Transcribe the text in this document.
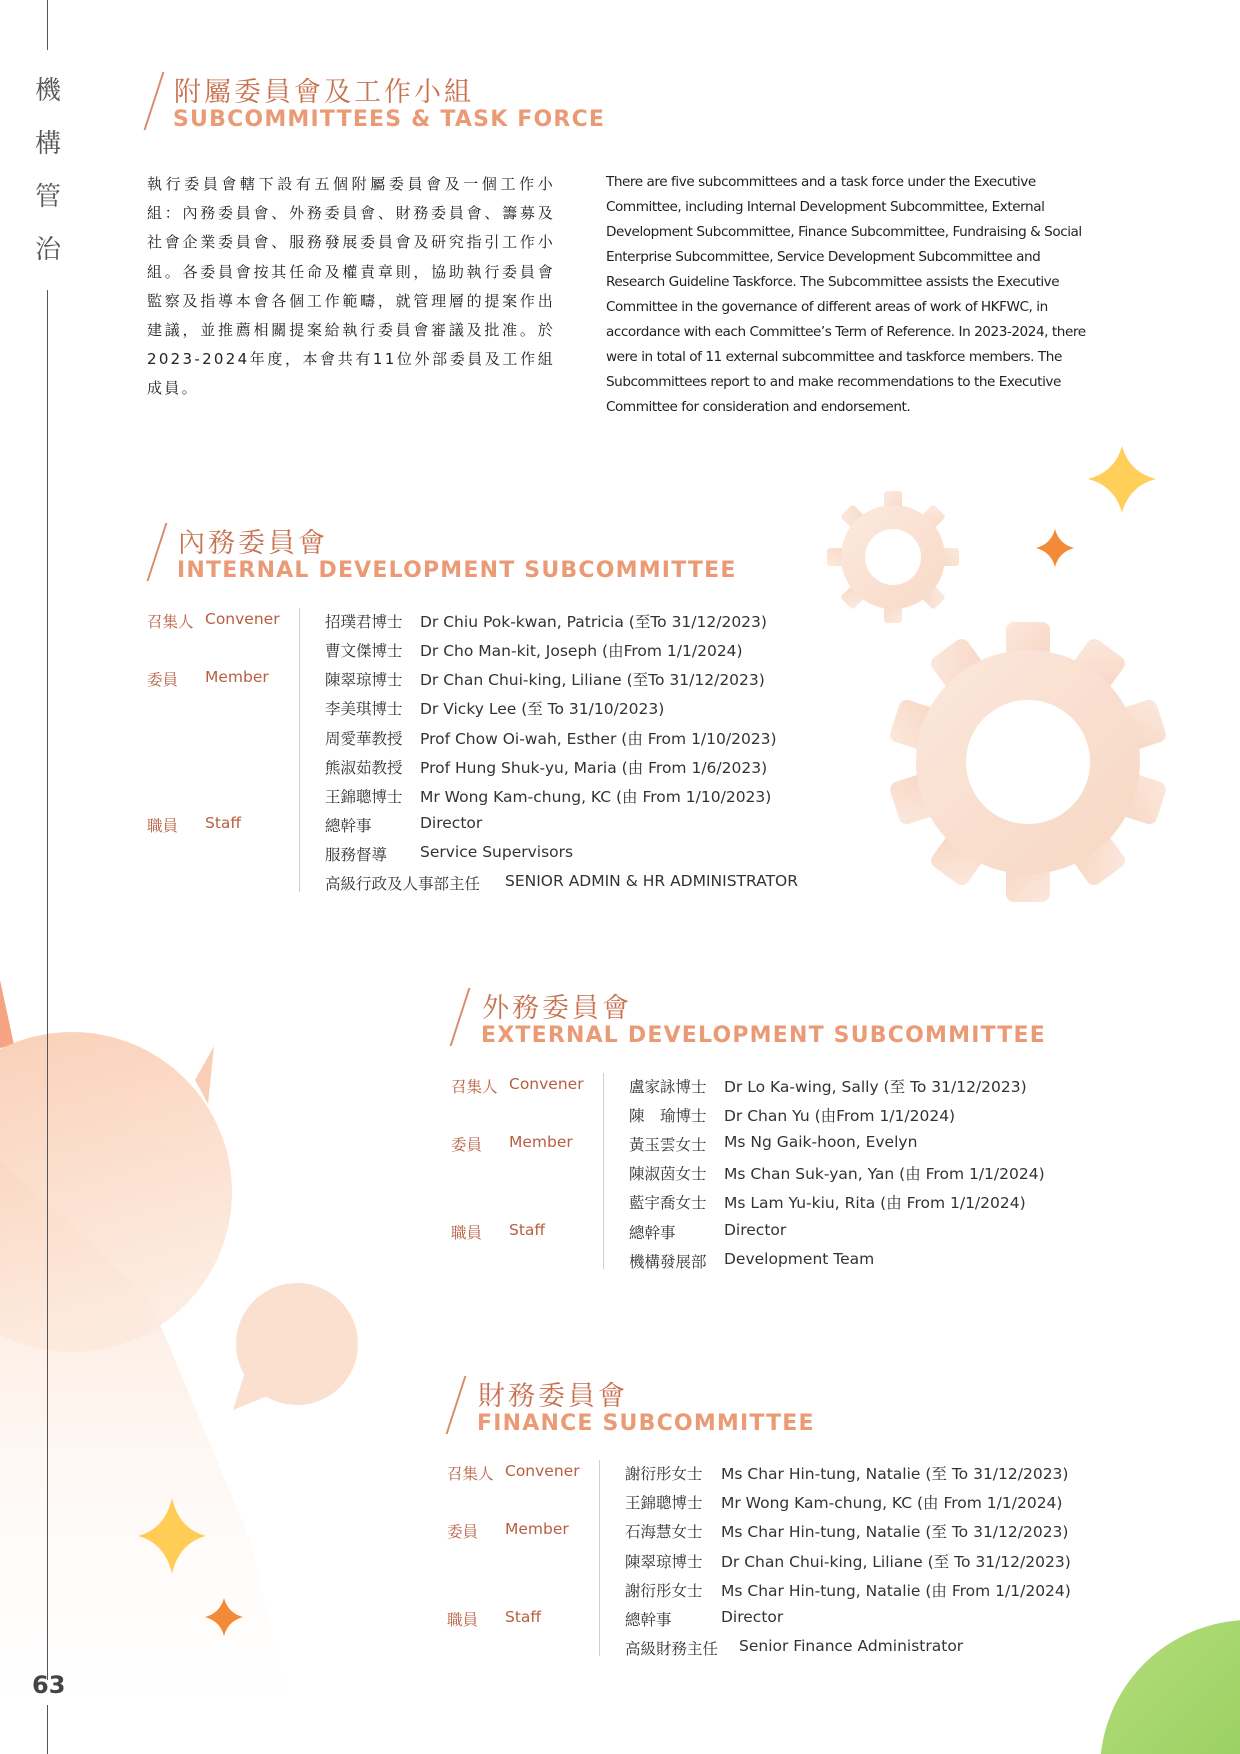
機
構
管
治
63
附屬委員會及工作小組
SUBCOMMITTEES & TASK FORCE

執行委員會轄下設有五個附屬委員會及一個工作小組：內務委員會、外務委員會、財務委員會、籌募及社會企業委員會、服務發展委員會及研究指引工作小組。各委員會按其任命及權責章則，協助執行委員會監察及指導本會各個工作範疇，就管理層的提案作出建議，並推薦相關提案給執行委員會審議及批准。於2023-2024年度，本會共有11位外部委員及工作組成員。

There are five subcommittees and a task force under the Executive Committee, including Internal Development Subcommittee, External Development Subcommittee, Finance Subcommittee, Fundraising & Social Enterprise Subcommittee, Service Development Subcommittee and Research Guideline Taskforce. The Subcommittee assists the Executive Committee in the governance of different areas of work of HKFWC, in accordance with each Committee’s Term of Reference. In 2023-2024, there were in total of 11 external subcommittee and taskforce members. The Subcommittees report to and make recommendations to the Executive Committee for consideration and endorsement.

內務委員會
INTERNAL DEVELOPMENT SUBCOMMITTEE
召集人 Convener
委員 Member
職員 Staff
招璞君博士 Dr Chiu Pok-kwan, Patricia (至To 31/12/2023)
曹文傑博士 Dr Cho Man-kit, Joseph (由From 1/1/2024)
陳翠琼博士 Dr Chan Chui-king, Liliane (至To 31/12/2023)
李美琪博士 Dr Vicky Lee (至 To 31/10/2023)
周愛華教授 Prof Chow Oi-wah, Esther (由 From 1/10/2023)
熊淑茹教授 Prof Hung Shuk-yu, Maria (由 From 1/6/2023)
王錦聰博士 Mr Wong Kam-chung, KC (由 From 1/10/2023)
總幹事	Director
服務督導 Service Supervisors
高級行政及人事部主任 SENIOR ADMIN & HR ADMINISTRATOR
外務委員會
EXTERNAL DEVELOPMENT SUBCOMMITTEE
召集人 Convener
委員 Member
職員 Staff
盧家詠博士 Dr Lo Ka-wing, Sally (至 To 31/12/2023)
陳　瑜博士 Dr Chan Yu (由From 1/1/2024)
黃玉雲女士 Ms Ng Gaik-hoon, Evelyn
陳淑茵女士 Ms Chan Suk-yan, Yan (由 From 1/1/2024)
藍宇喬女士 Ms Lam Yu-kiu, Rita (由 From 1/1/2024)
總幹事	Director
機構發展部 Development Team
財務委員會
FINANCE SUBCOMMITTEE
召集人 Convener
委員 Member
職員 Staff
謝衍彤女士 Ms Char Hin-tung, Natalie (至 To 31/12/2023)
王錦聰博士 Mr Wong Kam-chung, KC (由 From 1/1/2024)
石海慧女士 Ms Char Hin-tung, Natalie (至 To 31/12/2023)
陳翠琼博士 Dr Chan Chui-king, Liliane (至 To 31/12/2023)
謝衍彤女士 Ms Char Hin-tung, Natalie (由 From 1/1/2024)
總幹事	Director
高級財務主任 Senior Finance Administrator
